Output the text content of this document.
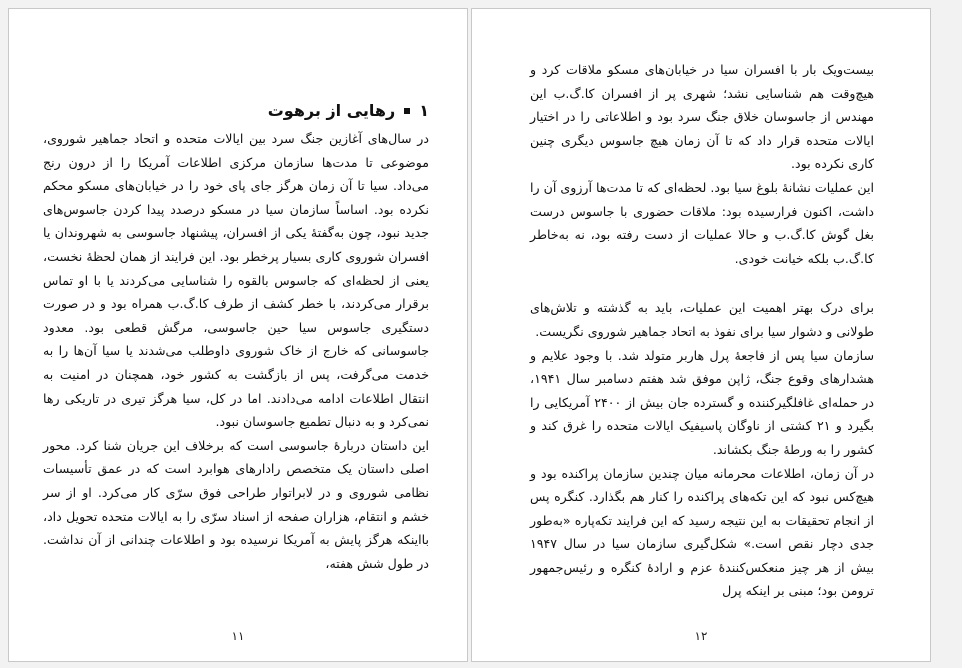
۱
رهایی از برهوت

در سال‌های آغازین جنگ سرد بین ایالات متحده و اتحاد جماهیر شوروی، موضوعی تا مدت‌ها سازمان مرکزی اطلاعات آمریکا را از درون رنج می‌داد. سیا تا آن زمان هرگز جای پای خود را در خیابان‌های مسکو محکم نکرده بود. اساساً سازمان سیا در مسکو درصدد پیدا کردن جاسوس‌های جدید نبود، چون به‌گفتهٔ یکی از افسران، پیشنهاد جاسوسی به شهروندان یا افسران شوروی کاری بسیار پرخطر بود. این فرایند از همان لحظهٔ نخست، یعنی از لحظه‌ای که جاسوس بالقوه را شناسایی می‌کردند یا با او تماس برقرار می‌کردند، با خطر کشف از طرف کا.گ.ب همراه بود و در صورت دستگیری جاسوس سیا حین جاسوسی، مرگش قطعی بود. معدود جاسوسانی که خارج از خاک شوروی داوطلب می‌شدند یا سیا آن‌ها را به خدمت می‌گرفت، پس از بازگشت به کشور خود، همچنان در امنیت به انتقال اطلاعات ادامه می‌دادند. اما در کل، سیا هرگز تیری در تاریکی رها نمی‌کرد و به دنبال تطمیع جاسوسان نبود.

این داستان دربارهٔ جاسوسی است که برخلاف این جریان شنا کرد. محور اصلی داستان یک متخصص رادارهای هوابرد است که در عمق تأسیسات نظامی شوروی و در لابراتوار طراحی فوق سرّی کار می‌کرد. او از سر خشم و انتقام، هزاران صفحه از اسناد سرّی را به ایالات متحده تحویل داد، بااینکه هرگز پایش به آمریکا نرسیده بود و اطلاعات چندانی از آن نداشت. در طول شش هفته،

۱۱

بیست‌ویک بار با افسران سیا در خیابان‌های مسکو ملاقات کرد و هیچ‌وقت هم شناسایی نشد؛ شهری پر از افسران کا.گ.ب این مهندس از جاسوسان خلاق جنگ سرد بود و اطلاعاتی را در اختیار ایالات متحده قرار داد که تا آن زمان هیچ جاسوس دیگری چنین کاری نکرده بود.

این عملیات نشانهٔ بلوغ سیا بود. لحظه‌ای که تا مدت‌ها آرزوی آن را داشت، اکنون فرارسیده بود: ملاقات حضوری با جاسوس درست بغل گوش کا.گ.ب و حالا عملیات از دست رفته بود، نه به‌خاطر کا.گ.ب بلکه خیانت خودی.

برای درک بهتر اهمیت این عملیات، باید به گذشته و تلاش‌های طولانی و دشوار سیا برای نفوذ به اتحاد جماهیر شوروی نگریست.

سازمان سیا پس از فاجعهٔ پرل هاربر متولد شد. با وجود علایم و هشدارهای وقوع جنگ، ژاپن موفق شد هفتم دسامبر سال ۱۹۴۱، در حمله‌ای غافلگیرکننده و گسترده جان بیش از ۲۴۰۰ آمریکایی را بگیرد و ۲۱ کشتی از ناوگان پاسیفیک ایالات متحده را غرق کند و کشور را به ورطهٔ جنگ بکشاند.

در آن زمان، اطلاعات محرمانه میان چندین سازمان پراکنده بود و هیچ‌کس نبود که این تکه‌های پراکنده را کنار هم بگذارد. کنگره پس از انجام تحقیقات به این نتیجه رسید که این فرایند تکه‌پاره «به‌طور جدی دچار نقص است.» شکل‌گیری سازمان سیا در سال ۱۹۴۷ بیش از هر چیز منعکس‌کنندهٔ عزم و ارادهٔ کنگره و رئیس‌جمهور ترومن بود؛ مبنی بر اینکه پرل

۱۲
